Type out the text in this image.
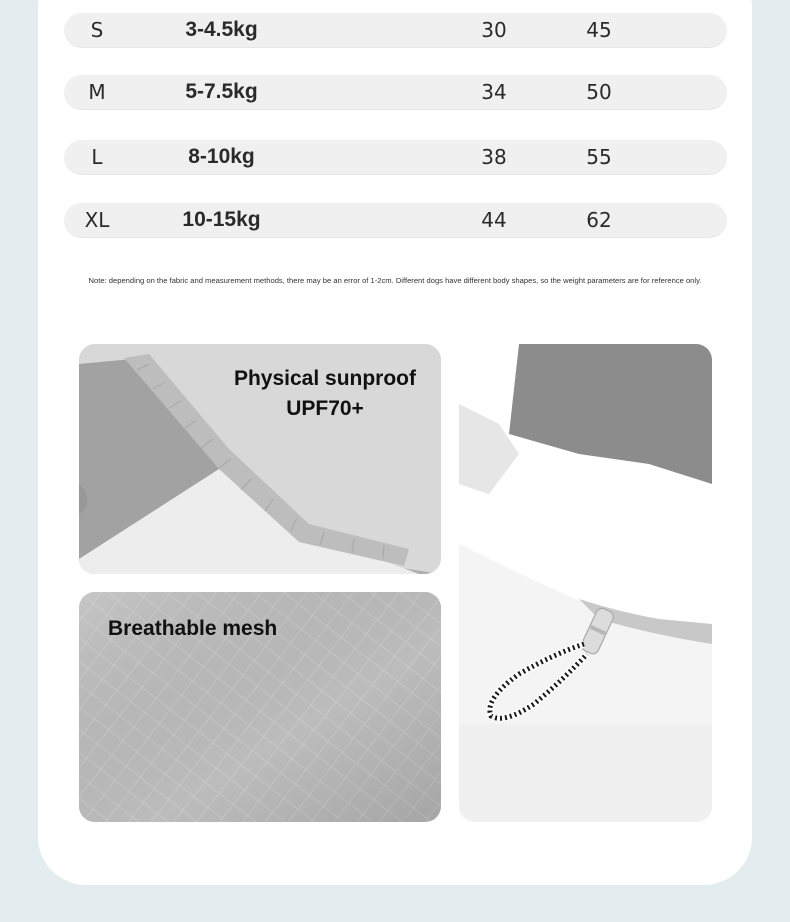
S	3-4.5kg	30	45
M	5-7.5kg	34	50
L	8-10kg	38	55
XL	10-15kg	44	62
Note: depending on the fabric and measurement methods, there may be an error of 1-2cm. Different dogs have different body shapes, so the weight parameters are for reference only.
Physical sunproof
UPF70+
Breathable mesh
